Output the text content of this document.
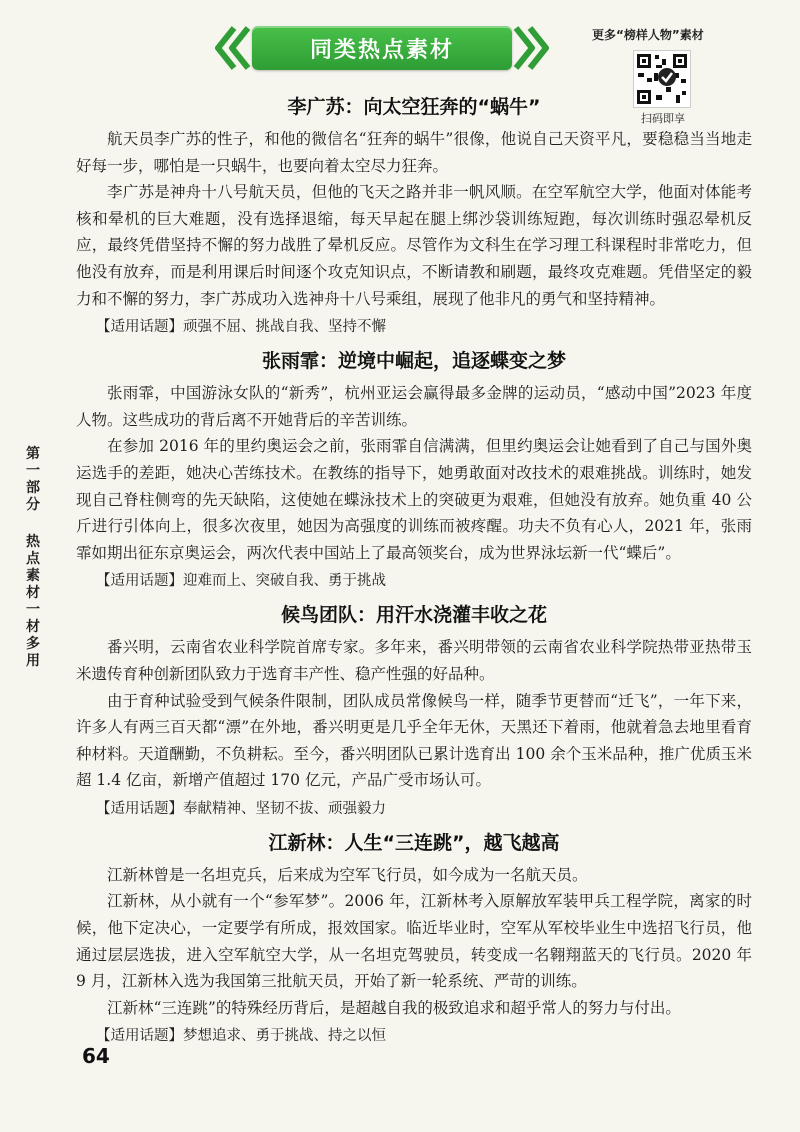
同类热点素材
更多“榜样人物”素材
扫码即享
第
一
部
分
热
点
素
材
一
材
多
用
李广苏：向太空狂奔的“蜗牛”

航天员李广苏的性子，和他的微信名“狂奔的蜗牛”很像，他说自己天资平凡，要稳稳当当地走好每一步，哪怕是一只蜗牛，也要向着太空尽力狂奔。

李广苏是神舟十八号航天员，但他的飞天之路并非一帆风顺。在空军航空大学，他面对体能考核和晕机的巨大难题，没有选择退缩，每天早起在腿上绑沙袋训练短跑，每次训练时强忍晕机反应，最终凭借坚持不懈的努力战胜了晕机反应。尽管作为文科生在学习理工科课程时非常吃力，但他没有放弃，而是利用课后时间逐个攻克知识点，不断请教和刷题，最终攻克难题。凭借坚定的毅力和不懈的努力，李广苏成功入选神舟十八号乘组，展现了他非凡的勇气和坚持精神。

【适用话题】顽强不屈、挑战自我、坚持不懈
张雨霏：逆境中崛起，追逐蝶变之梦

张雨霏，中国游泳女队的“新秀”，杭州亚运会赢得最多金牌的运动员，“感动中国”2023 年度人物。这些成功的背后离不开她背后的辛苦训练。

在参加 2016 年的里约奥运会之前，张雨霏自信满满，但里约奥运会让她看到了自己与国外奥运选手的差距，她决心苦练技术。在教练的指导下，她勇敢面对改技术的艰难挑战。训练时，她发现自己脊柱侧弯的先天缺陷，这使她在蝶泳技术上的突破更为艰难，但她没有放弃。她负重 40 公斤进行引体向上，很多次夜里，她因为高强度的训练而被疼醒。功夫不负有心人，2021 年，张雨霏如期出征东京奥运会，两次代表中国站上了最高领奖台，成为世界泳坛新一代“蝶后”。

【适用话题】迎难而上、突破自我、勇于挑战
候鸟团队：用汗水浇灌丰收之花

番兴明，云南省农业科学院首席专家。多年来，番兴明带领的云南省农业科学院热带亚热带玉米遗传育种创新团队致力于选育丰产性、稳产性强的好品种。

由于育种试验受到气候条件限制，团队成员常像候鸟一样，随季节更替而“迁飞”，一年下来，许多人有两三百天都“漂”在外地，番兴明更是几乎全年无休，天黑还下着雨，他就着急去地里看育种材料。天道酬勤，不负耕耘。至今，番兴明团队已累计选育出 100 余个玉米品种，推广优质玉米超 1.4 亿亩，新增产值超过 170 亿元，产品广受市场认可。

【适用话题】奉献精神、坚韧不拔、顽强毅力
江新林：人生“三连跳”，越飞越高

江新林曾是一名坦克兵，后来成为空军飞行员，如今成为一名航天员。

江新林，从小就有一个“参军梦”。2006 年，江新林考入原解放军装甲兵工程学院，离家的时候，他下定决心，一定要学有所成，报效国家。临近毕业时，空军从军校毕业生中选招飞行员，他通过层层选拔，进入空军航空大学，从一名坦克驾驶员，转变成一名翱翔蓝天的飞行员。2020 年 9 月，江新林入选为我国第三批航天员，开始了新一轮系统、严苛的训练。

江新林“三连跳”的特殊经历背后，是超越自我的极致追求和超乎常人的努力与付出。

【适用话题】梦想追求、勇于挑战、持之以恒
64
